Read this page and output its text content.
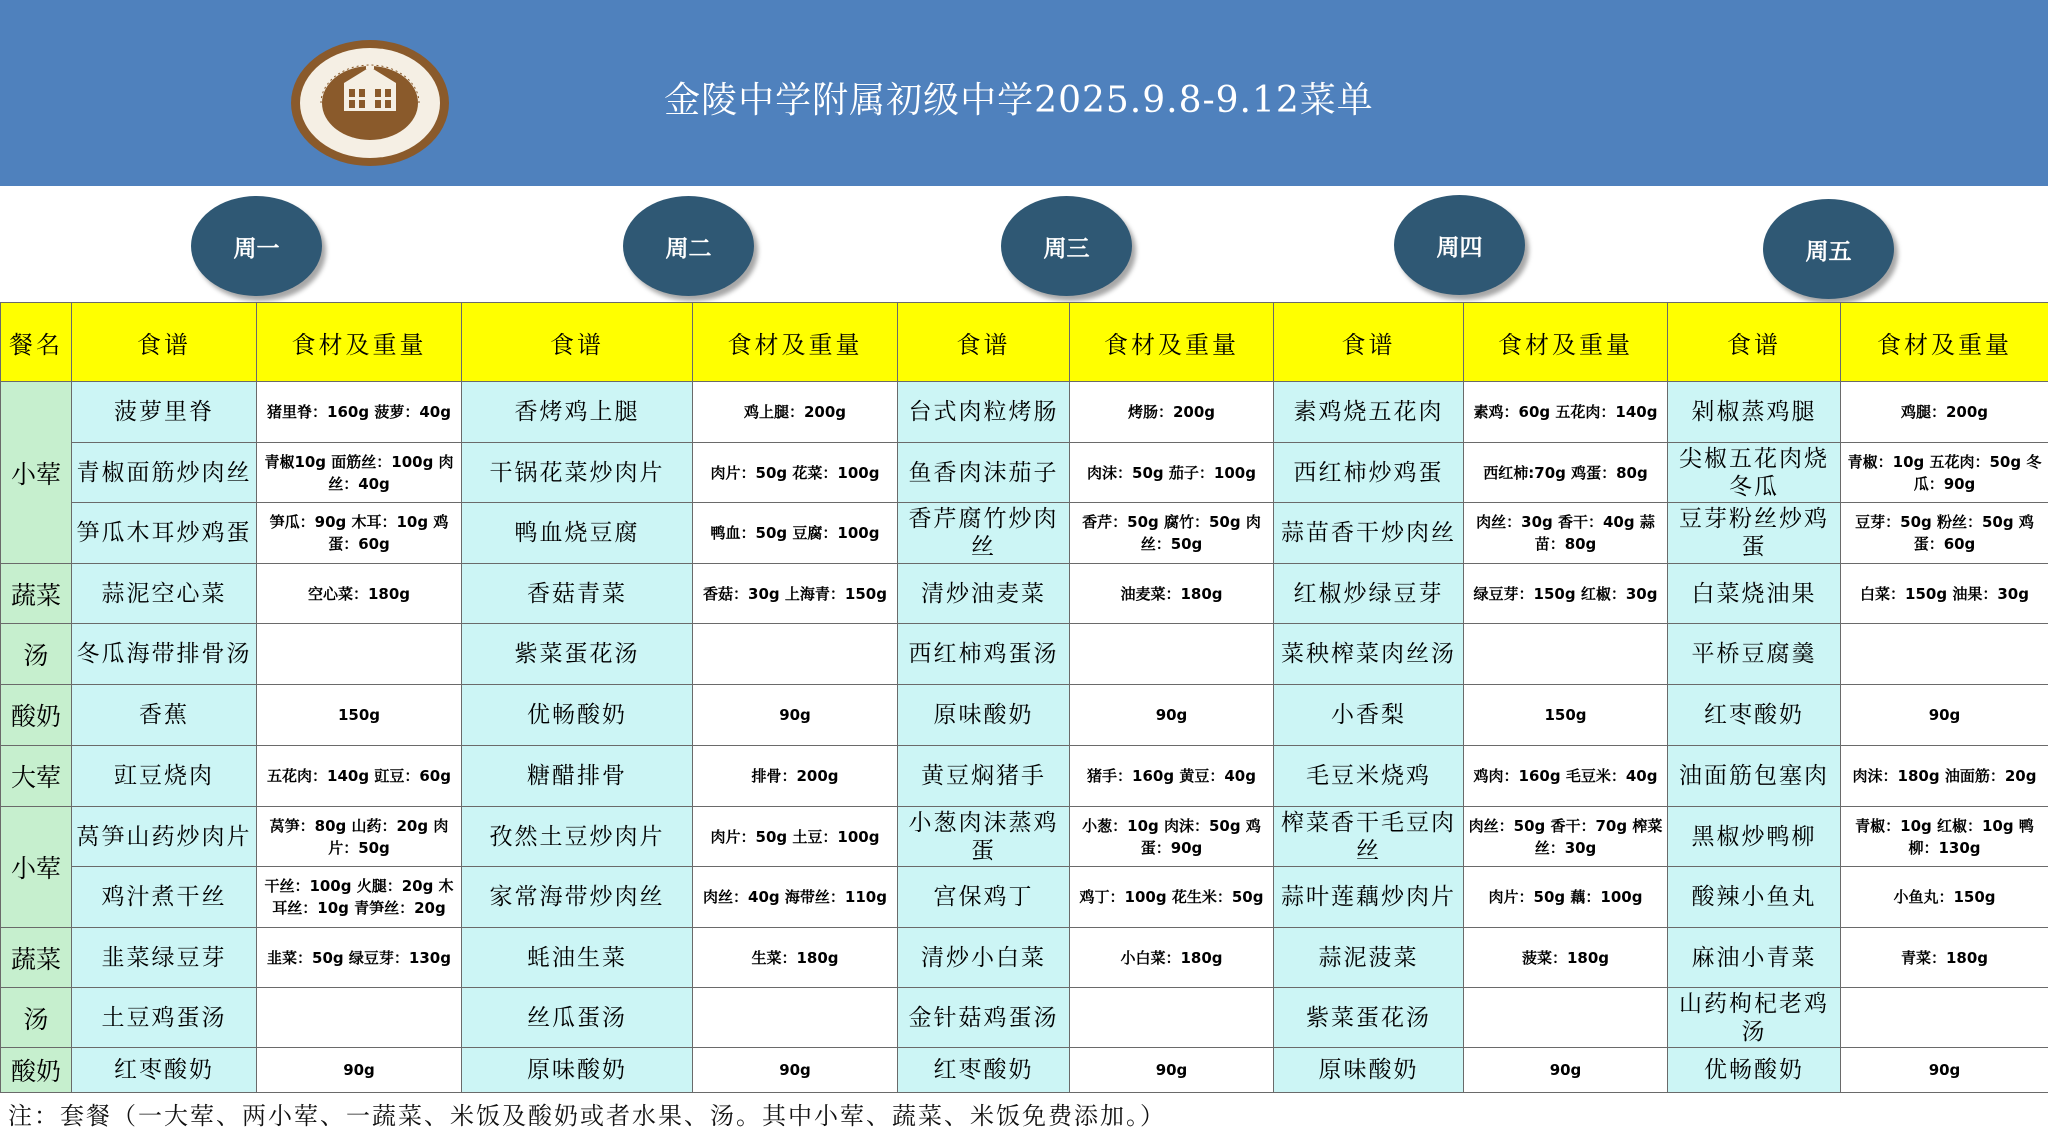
金陵中学附属初级中学2025.9.8-9.12菜单
周一	周二	周三	周四	周五
餐名	食谱	食材及重量	食谱	食材及重量	食谱	食材及重量	食谱	食材及重量	食谱	食材及重量
小荤	菠萝里脊	猪里脊：160g 菠萝：40g	香烤鸡上腿	鸡上腿：200g	台式肉粒烤肠	烤肠：200g	素鸡烧五花肉	素鸡：60g 五花肉：140g	剁椒蒸鸡腿	鸡腿：200g
	青椒面筋炒肉丝	青椒10g 面筋丝：100g 肉丝：40g	干锅花菜炒肉片	肉片：50g 花菜：100g	鱼香肉沫茄子	肉沫：50g 茄子：100g	西红柿炒鸡蛋	西红柿:70g 鸡蛋：80g	尖椒五花肉烧冬瓜	青椒：10g 五花肉：50g 冬瓜：90g
	笋瓜木耳炒鸡蛋	笋瓜：90g 木耳：10g 鸡蛋：60g	鸭血烧豆腐	鸭血：50g 豆腐：100g	香芹腐竹炒肉丝	香芹：50g 腐竹：50g 肉丝：50g	蒜苗香干炒肉丝	肉丝：30g 香干：40g 蒜苗：80g	豆芽粉丝炒鸡蛋	豆芽：50g 粉丝：50g 鸡蛋：60g
蔬菜	蒜泥空心菜	空心菜：180g	香菇青菜	香菇：30g 上海青：150g	清炒油麦菜	油麦菜：180g	红椒炒绿豆芽	绿豆芽：150g 红椒：30g	白菜烧油果	白菜：150g 油果：30g
汤	冬瓜海带排骨汤		紫菜蛋花汤		西红柿鸡蛋汤		菜秧榨菜肉丝汤		平桥豆腐羹	
酸奶	香蕉	150g	优畅酸奶	90g	原味酸奶	90g	小香梨	150g	红枣酸奶	90g
大荤	豇豆烧肉	五花肉：140g 豇豆：60g	糖醋排骨	排骨：200g	黄豆焖猪手	猪手：160g 黄豆：40g	毛豆米烧鸡	鸡肉：160g 毛豆米：40g	油面筋包塞肉	肉沫：180g 油面筋：20g
小荤	莴笋山药炒肉片	莴笋：80g 山药：20g 肉片：50g	孜然土豆炒肉片	肉片：50g 土豆：100g	小葱肉沫蒸鸡蛋	小葱：10g 肉沫：50g 鸡蛋：90g	榨菜香干毛豆肉丝	肉丝：50g 香干：70g 榨菜丝：30g	黑椒炒鸭柳	青椒：10g 红椒：10g 鸭柳：130g
	鸡汁煮干丝	干丝：100g 火腿：20g 木耳丝：10g 青笋丝：20g	家常海带炒肉丝	肉丝：40g 海带丝：110g	宫保鸡丁	鸡丁：100g 花生米：50g	蒜叶莲藕炒肉片	肉片：50g 藕：100g	酸辣小鱼丸	小鱼丸：150g
蔬菜	韭菜绿豆芽	韭菜：50g 绿豆芽：130g	蚝油生菜	生菜：180g	清炒小白菜	小白菜：180g	蒜泥菠菜	菠菜：180g	麻油小青菜	青菜：180g
汤	土豆鸡蛋汤		丝瓜蛋汤		金针菇鸡蛋汤		紫菜蛋花汤		山药枸杞老鸡汤	
酸奶	红枣酸奶	90g	原味酸奶	90g	红枣酸奶	90g	原味酸奶	90g	优畅酸奶	90g
注：套餐（一大荤、两小荤、一蔬菜、米饭及酸奶或者水果、汤。其中小荤、蔬菜、米饭免费添加。）
